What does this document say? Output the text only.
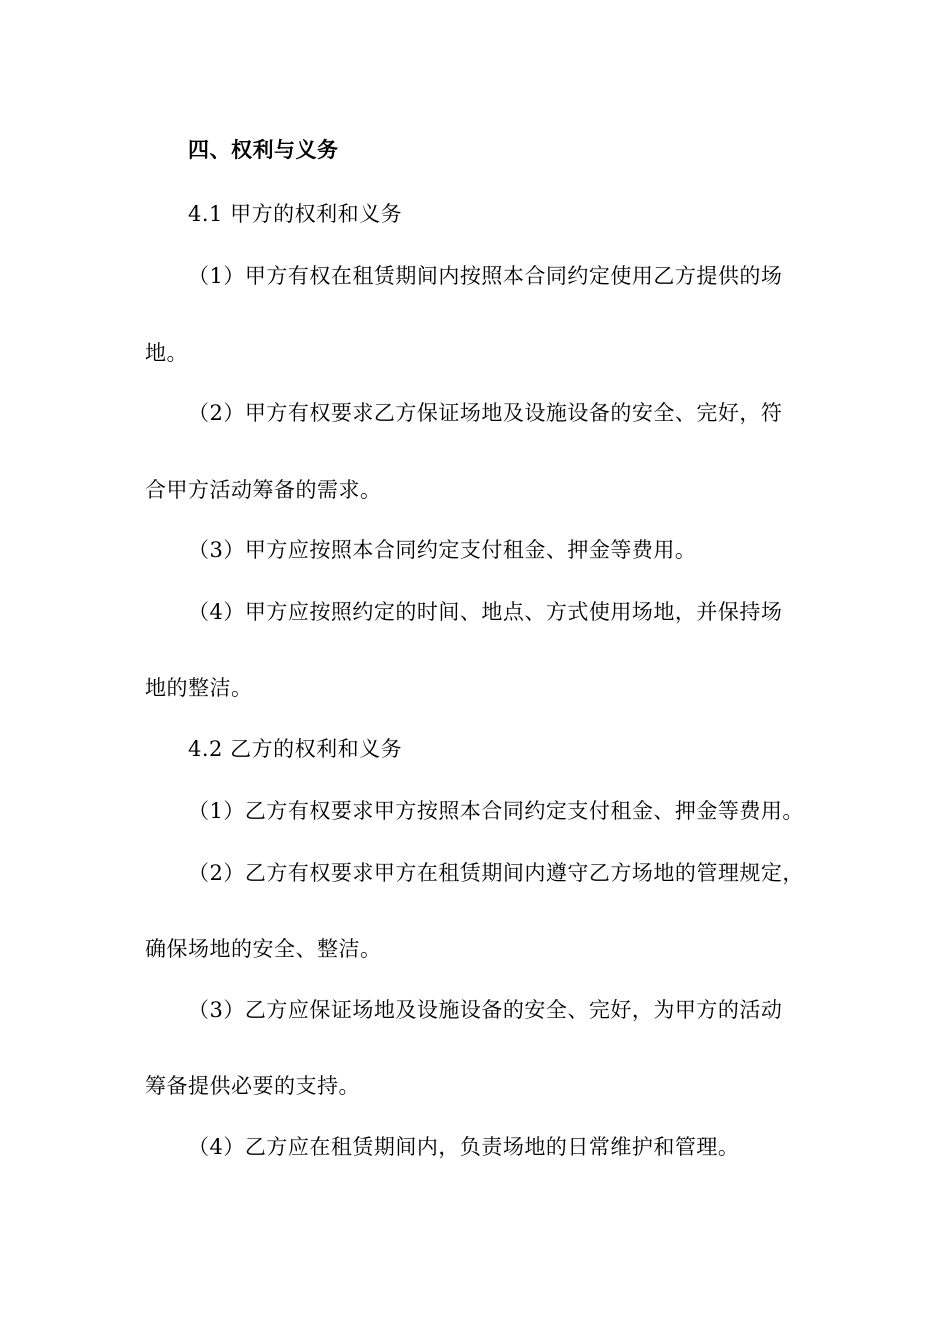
四、权利与义务
4.1 甲方的权利和义务
（1）甲方有权在租赁期间内按照本合同约定使用乙方提供的场
地。
（2）甲方有权要求乙方保证场地及设施设备的安全、完好，符
合甲方活动筹备的需求。
（3）甲方应按照本合同约定支付租金、押金等费用。
（4）甲方应按照约定的时间、地点、方式使用场地，并保持场
地的整洁。
4.2 乙方的权利和义务
（1）乙方有权要求甲方按照本合同约定支付租金、押金等费用。
（2）乙方有权要求甲方在租赁期间内遵守乙方场地的管理规定，
确保场地的安全、整洁。
（3）乙方应保证场地及设施设备的安全、完好，为甲方的活动
筹备提供必要的支持。
（4）乙方应在租赁期间内，负责场地的日常维护和管理。
